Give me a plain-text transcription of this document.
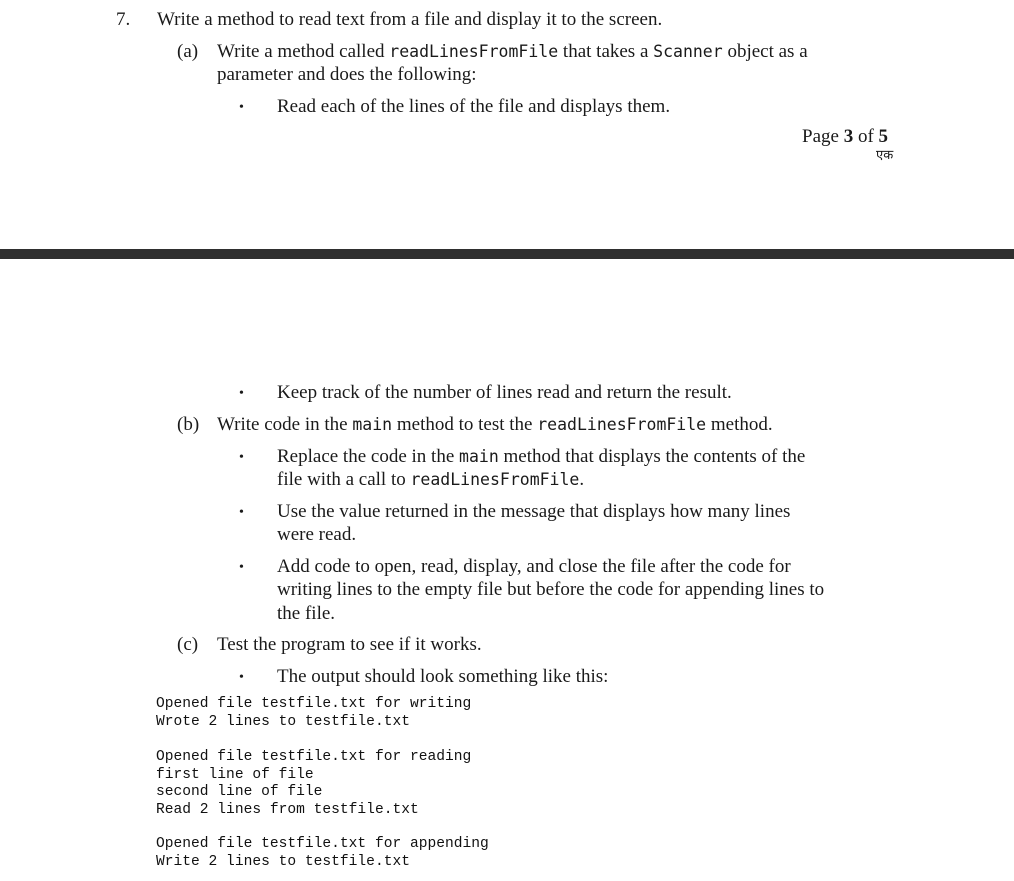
7. Write a method to read text from a file and display it to the screen.
(a) Write a method called readLinesFromFile that takes a Scanner object as a
parameter and does the following:
• Read each of the lines of the file and displays them.
Page 3 of 5
एक
• Keep track of the number of lines read and return the result.
(b) Write code in the main method to test the readLinesFromFile method.
• Replace the code in the main method that displays the contents of the
file with a call to readLinesFromFile.
• Use the value returned in the message that displays how many lines
were read.
• Add code to open, read, display, and close the file after the code for
writing lines to the empty file but before the code for appending lines to
the file.
(c) Test the program to see if it works.
• The output should look something like this:
Opened file testfile.txt for writing
Wrote 2 lines to testfile.txt
Opened file testfile.txt for reading
first line of file
second line of file
Read 2 lines from testfile.txt
Opened file testfile.txt for appending
Write 2 lines to testfile.txt
